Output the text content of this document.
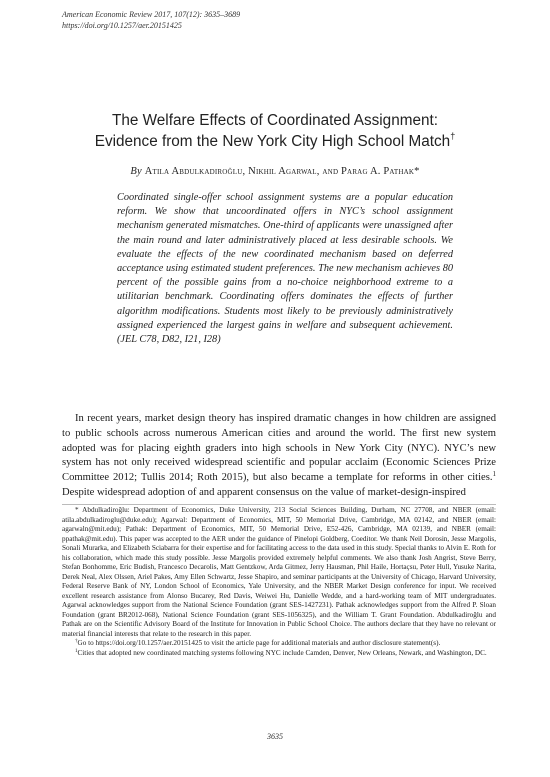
American Economic Review 2017, 107(12): 3635–3689
https://doi.org/10.1257/aer.20151425
The Welfare Effects of Coordinated Assignment:
Evidence from the New York City High School Match†
By Atila Abdulkadiroğlu, Nikhil Agarwal, and Parag A. Pathak*
Coordinated single-offer school assignment systems are a popular education reform. We show that uncoordinated offers in NYC’s school assignment mechanism generated mismatches. One-third of applicants were unassigned after the main round and later administratively placed at less desirable schools. We evaluate the effects of the new coordinated mechanism based on deferred acceptance using estimated student preferences. The new mechanism achieves 80 percent of the possible gains from a no-choice neighborhood extreme to a utilitarian benchmark. Coordinating offers dominates the effects of further algorithm modifications. Students most likely to be previously administratively assigned experienced the largest gains in welfare and subsequent achievement. (JEL C78, D82, I21, I28)
In recent years, market design theory has inspired dramatic changes in how children are assigned to public schools across numerous American cities and around the world. The first new system adopted was for placing eighth graders into high schools in New York City (NYC). NYC’s new system has not only received widespread scientific and popular acclaim (Economic Sciences Prize Committee 2012; Tullis 2014; Roth 2015), but also became a template for reforms in other cities.$^1$ Despite widespread adoption of and apparent consensus on the value of market-design-inspired

* Abdulkadiroğlu: Department of Economics, Duke University, 213 Social Sciences Building, Durham, NC 27708, and NBER (email: atila.abdulkadiroglu@duke.edu); Agarwal: Department of Economics, MIT, 50 Memorial Drive, Cambridge, MA 02142, and NBER (email: agarwaln@mit.edu); Pathak: Department of Economics, MIT, 50 Memorial Drive, E52-426, Cambridge, MA 02139, and NBER (email: ppathak@mit.edu). This paper was accepted to the AER under the guidance of Pinelopi Goldberg, Coeditor. We thank Neil Dorosin, Jesse Margolis, Sonali Murarka, and Elizabeth Sciabarra for their expertise and for facilitating access to the data used in this study. Special thanks to Alvin E. Roth for his collaboration, which made this study possible. Jesse Margolis provided extremely helpful comments. We also thank Josh Angrist, Steve Berry, Stefan Bonhomme, Eric Budish, Francesco Decarolis, Matt Gentzkow, Arda Gitmez, Jerry Hausman, Phil Haile, Hortaçsu, Peter Hull, Yusuke Narita, Derek Neal, Alex Olssen, Ariel Pakes, Amy Ellen Schwartz, Jesse Shapiro, and seminar participants at the University of Chicago, Harvard University, Federal Reserve Bank of NY, London School of Economics, Yale University, and the NBER Market Design conference for input. We received excellent research assistance from Alonso Bucarey, Red Davis, Weiwei Hu, Danielle Wedde, and a hard-working team of MIT undergraduates. Agarwal acknowledges support from the National Science Foundation (grant SES-1427231). Pathak acknowledges support from the Alfred P. Sloan Foundation (grant BR2012-068), National Science Foundation (grant SES-1056325), and the William T. Grant Foundation. Abdulkadiroğlu and Pathak are on the Scientific Advisory Board of the Institute for Innovation in Public School Choice. The authors declare that they have no relevant or material financial interests that relate to the research in this paper.

†Go to https://doi.org/10.1257/aer.20151425 to visit the article page for additional materials and author disclosure statement(s).

$^1$Cities that adopted new coordinated matching systems following NYC include Camden, Denver, New Orleans, Newark, and Washington, DC.

3635
